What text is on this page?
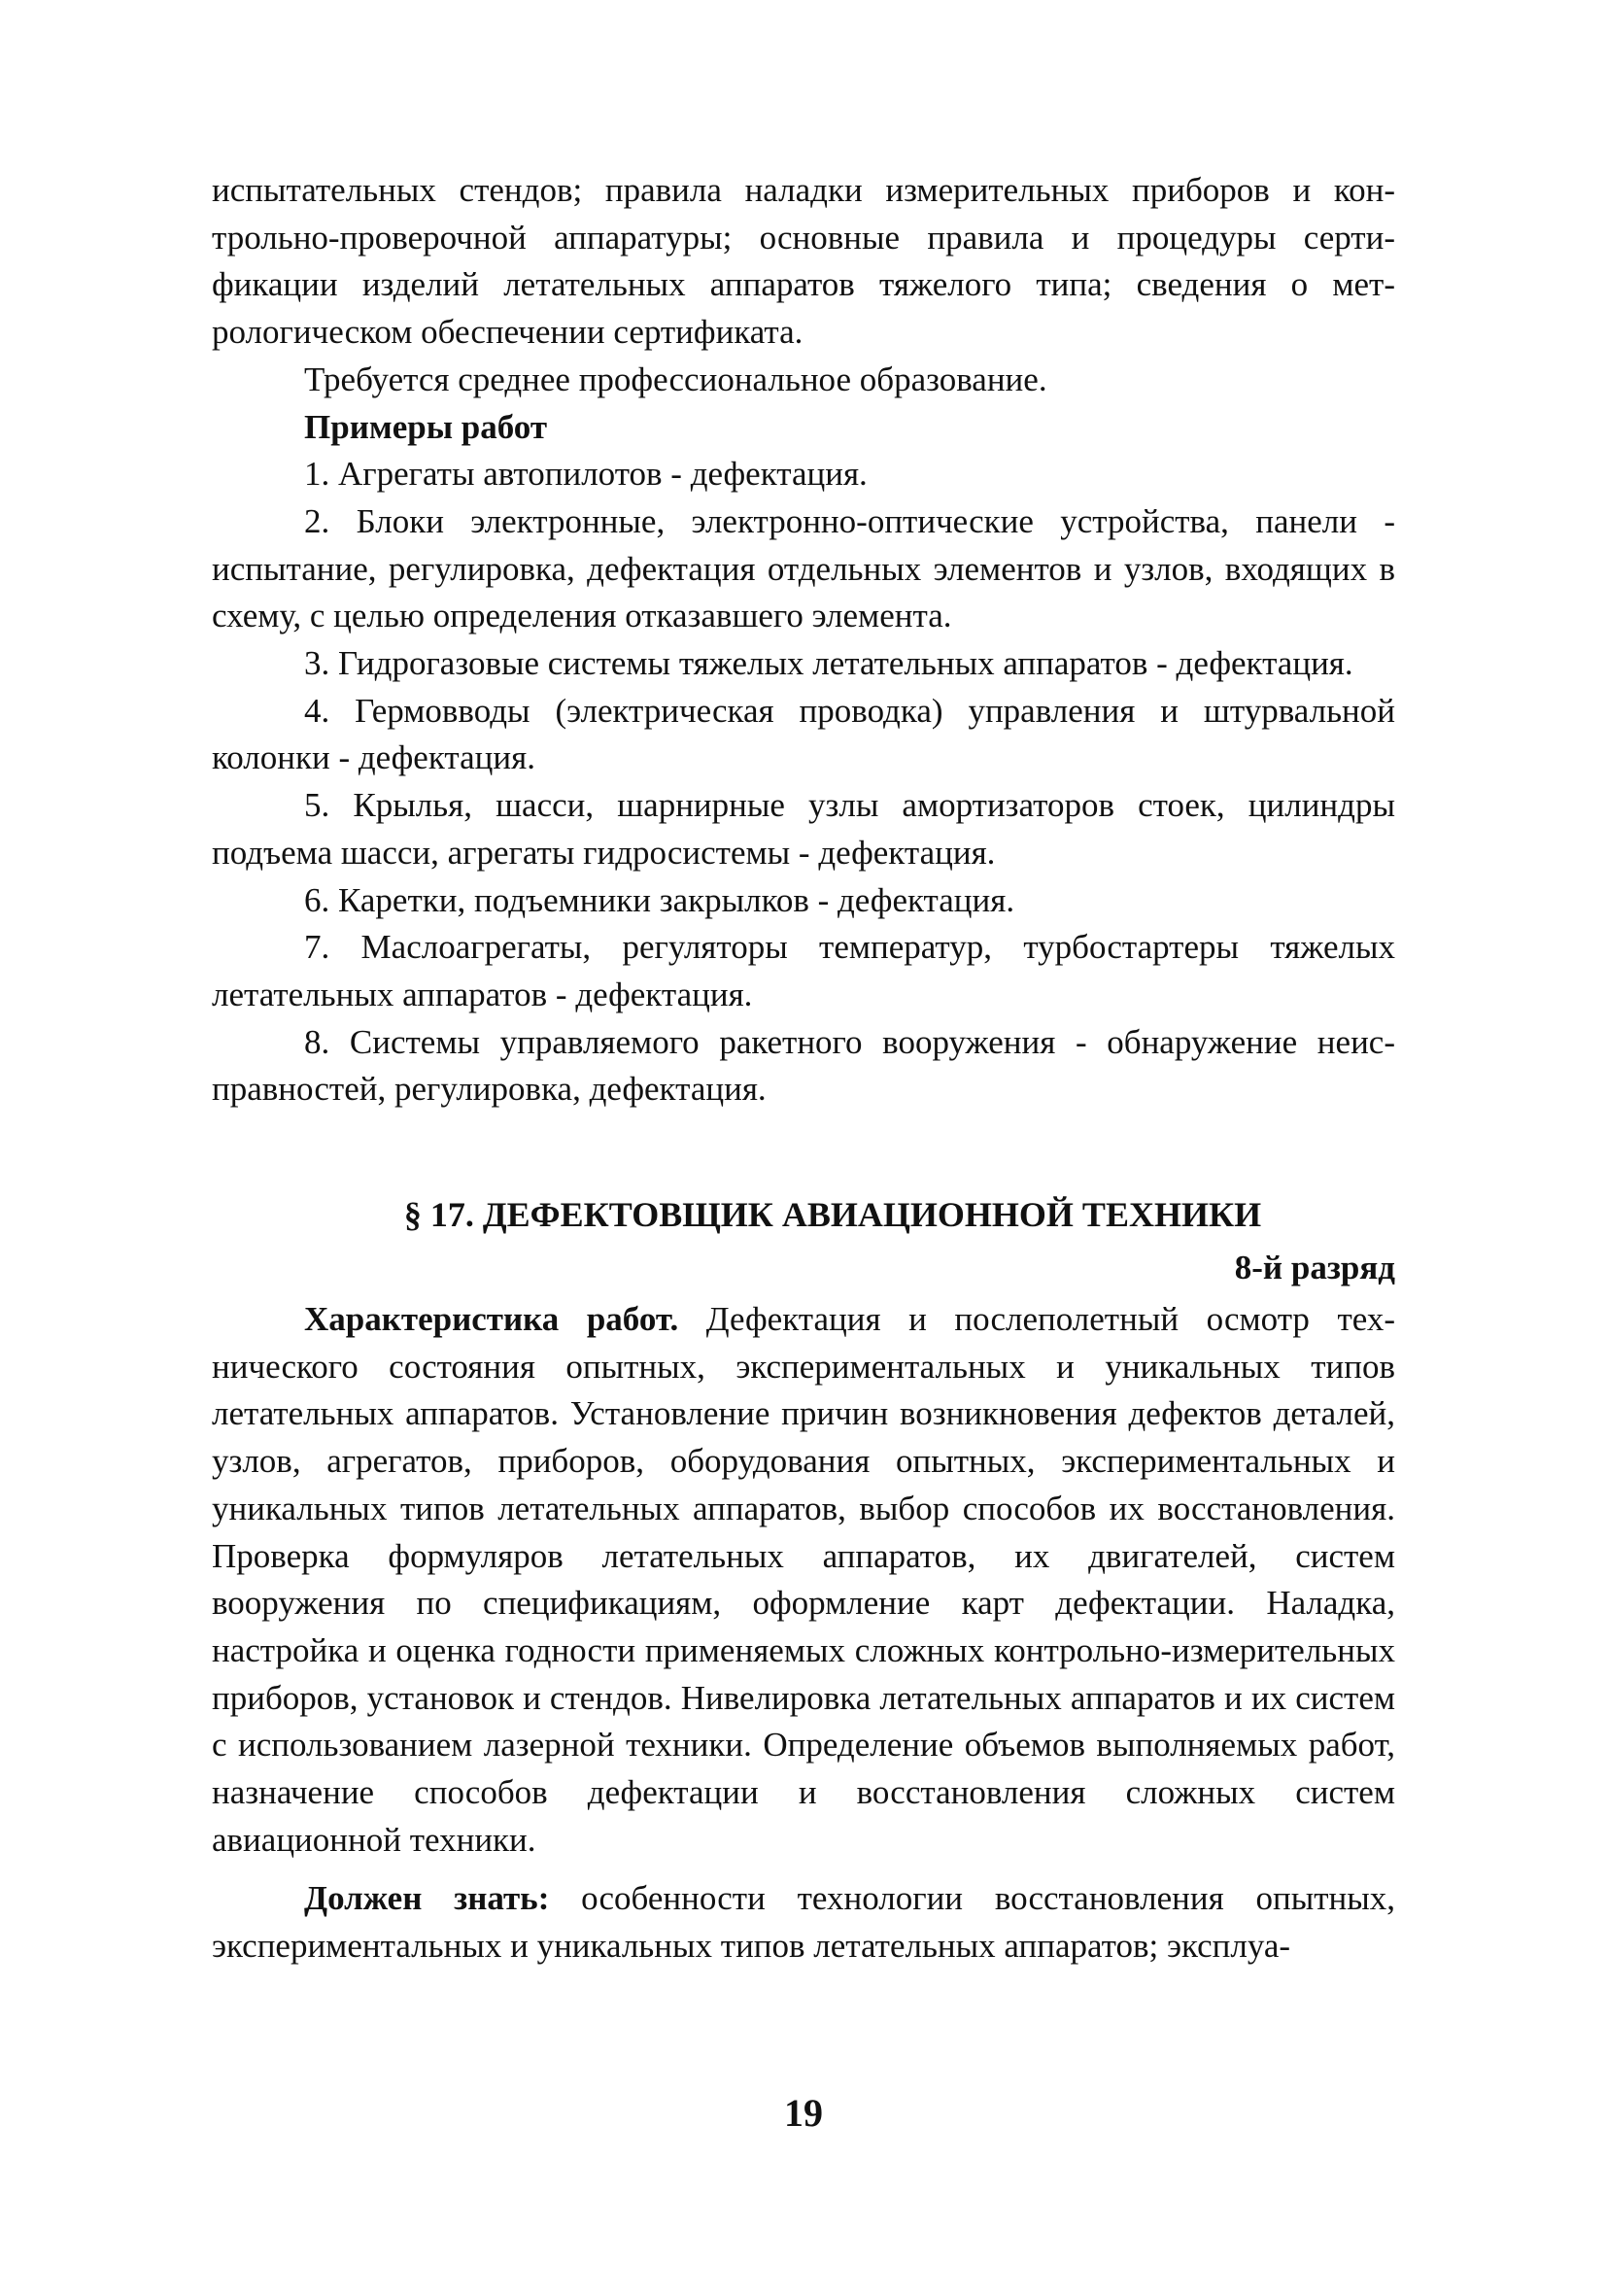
испытательных стендов; правила наладки измерительных приборов и контрольно-проверочной аппаратуры; основные правила и процедуры сертификации изделий летательных аппаратов тяжелого типа; сведения о метрологическом обеспечении сертификата.

Требуется среднее профессиональное образование.

Примеры работ

1. Агрегаты автопилотов - дефектация.

2. Блоки электронные, электронно-оптические устройства, панели - испытание, регулировка, дефектация отдельных элементов и узлов, входящих в схему, с целью определения отказавшего элемента.

3. Гидрогазовые системы тяжелых летательных аппаратов - дефектация.

4. Гермовводы (электрическая проводка) управления и штурвальной колонки - дефектация.

5. Крылья, шасси, шарнирные узлы амортизаторов стоек, цилиндры подъема шасси, агрегаты гидросистемы - дефектация.

6. Каретки, подъемники закрылков - дефектация.

7. Маслоагрегаты, регуляторы температур, турбостартеры тяжелых летательных аппаратов - дефектация.

8. Системы управляемого ракетного вооружения - обнаружение неисправностей, регулировка, дефектация.

§ 17. ДЕФЕКТОВЩИК АВИАЦИОННОЙ ТЕХНИКИ
8-й разряд

Характеристика работ. Дефектация и послеполетный осмотр технического состояния опытных, экспериментальных и уникальных типов летательных аппаратов. Установление причин возникновения дефектов деталей, узлов, агрегатов, приборов, оборудования опытных, экспериментальных и уникальных типов летательных аппаратов, выбор способов их восстановления. Проверка формуляров летательных аппаратов, их двигателей, систем вооружения по спецификациям, оформление карт дефектации. Наладка, настройка и оценка годности применяемых сложных контрольно-измерительных приборов, установок и стендов. Нивелировка летательных аппаратов и их систем с использованием лазерной техники. Определение объемов выполняемых работ, назначение способов дефектации и восстановления сложных систем авиационной техники.

Должен знать: особенности технологии восстановления опытных, экспериментальных и уникальных типов летательных аппаратов; эксплуа-

19
